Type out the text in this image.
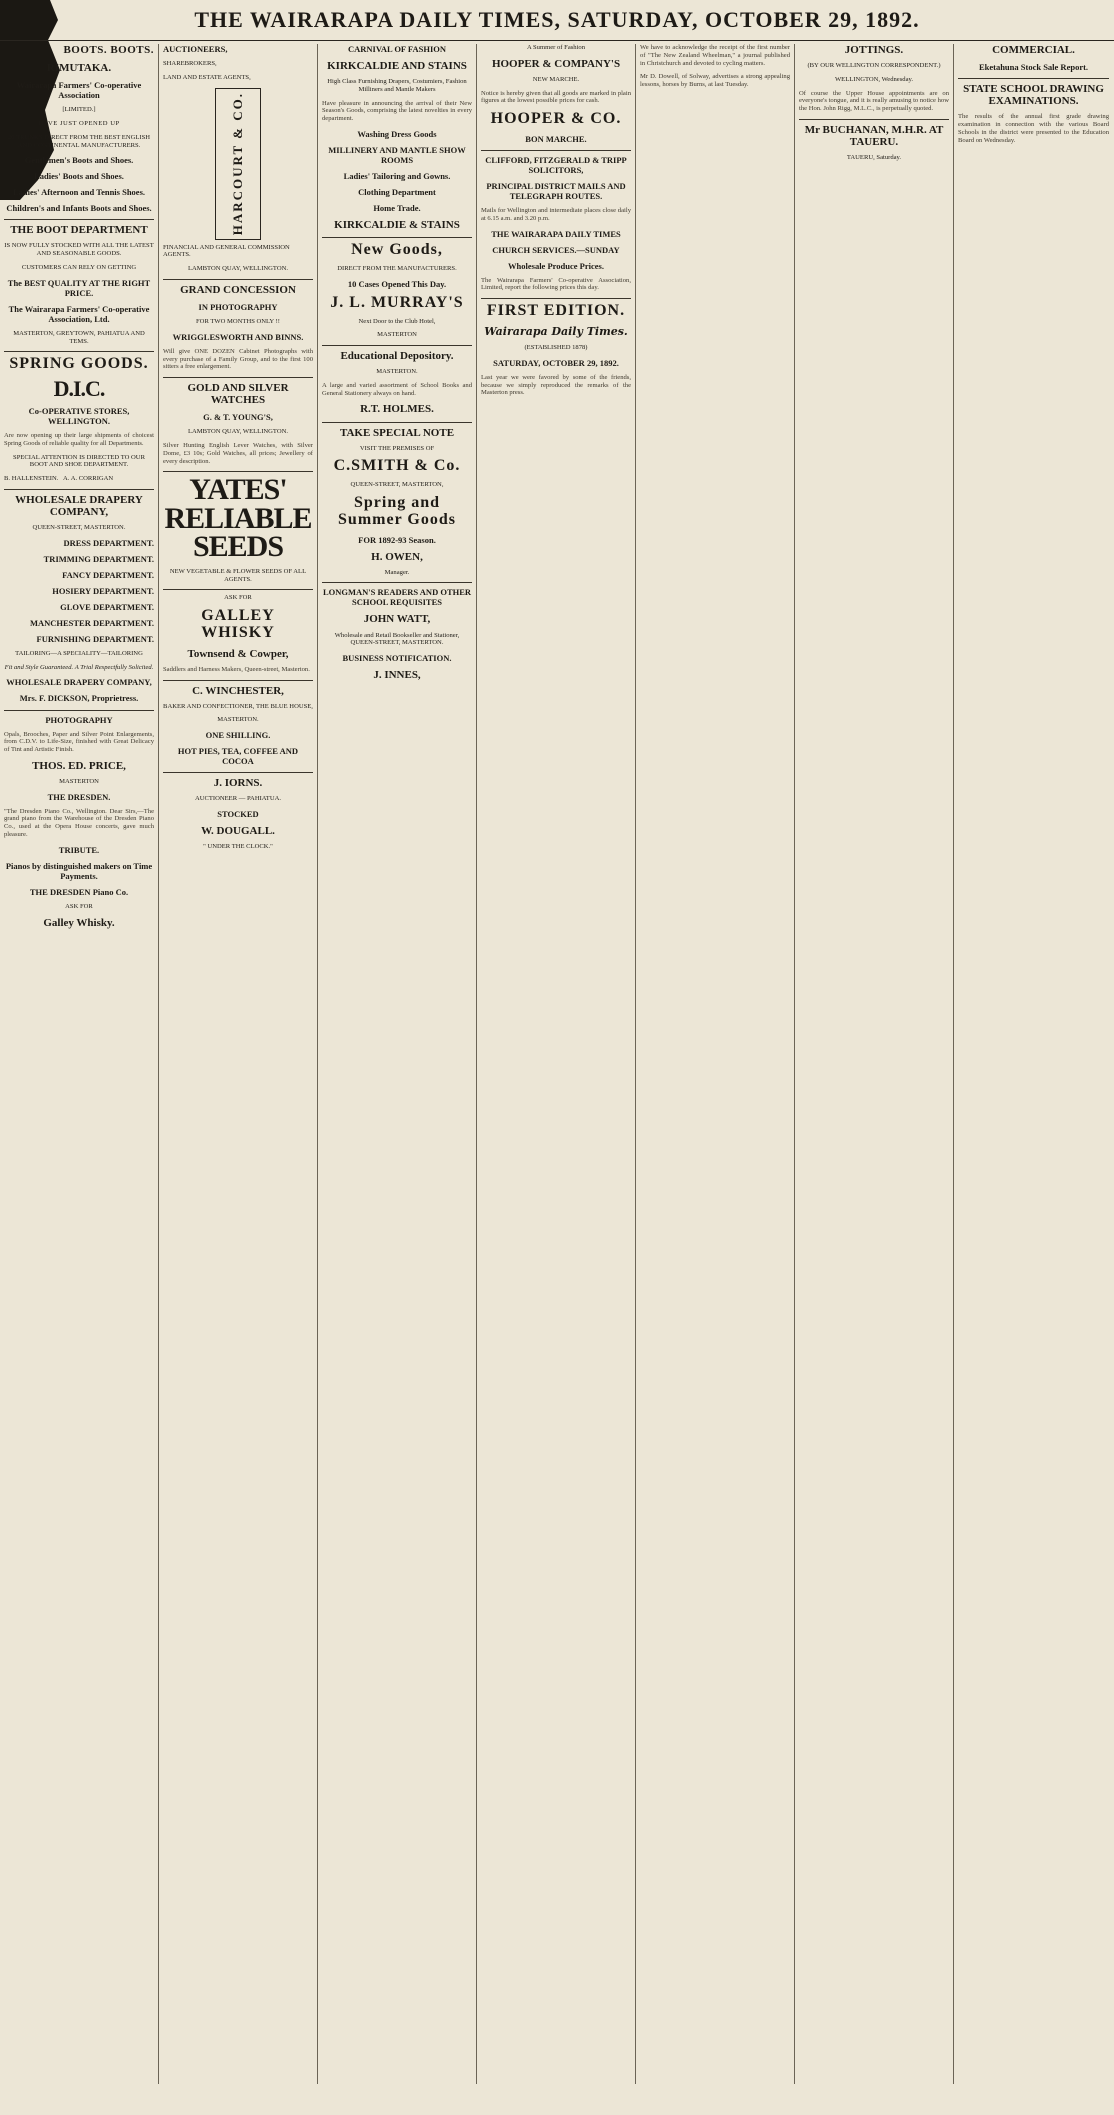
THE WAIRARAPA DAILY TIMES, SATURDAY, OCTOBER 29, 1892.
BOOTS. BOOTS.
RIMUTAKA.
Wairarapa Farmers' Co-operative Association
[LIMITED.]
HAVE JUST OPENED UP
20 TRUNKS DIRECT FROM THE BEST ENGLISH AND CONTINENTAL MANUFACTURERS.
Gentlemen's Boots and Shoes.
Ladies' Boots and Shoes.
Ladies' Afternoon and Tennis Shoes.
Children's and Infants Boots and Shoes.
THE BOOT DEPARTMENT
IS NOW FULLY STOCKED WITH ALL THE LATEST AND SEASONABLE GOODS.
CUSTOMERS CAN RELY ON GETTING
The BEST QUALITY AT THE RIGHT PRICE.
The Wairarapa Farmers' Co-operative Association, Ltd.
MASTERTON, GREYTOWN, PAHIATUA AND TEMS.
SPRING GOODS.
D.I.C.
Co-OPERATIVE STORES, WELLINGTON.
Are now opening up their large shipments of choicest Spring Goods of reliable quality for all Departments.
SPECIAL ATTENTION IS DIRECTED TO OUR BOOT AND SHOE DEPARTMENT.
B. HALLENSTEIN. A. A. CORRIGAN
WHOLESALE DRAPERY COMPANY,
QUEEN-STREET, MASTERTON.
DRESS DEPARTMENT.
TRIMMING DEPARTMENT.
FANCY DEPARTMENT.
HOSIERY DEPARTMENT.
GLOVE DEPARTMENT.
MANCHESTER DEPARTMENT.
FURNISHING DEPARTMENT.
TAILORING—A SPECIALITY—TAILORING
Fit and Style Guaranteed. A Trial Respectfully Solicited.
WHOLESALE DRAPERY COMPANY,
Mrs. F. DICKSON, Proprietress.
PHOTOGRAPHY
Opals, Brooches, Paper and Silver Point Enlargements, from C.D.V. to Life-Size, finished with Great Delicacy of Tint and Artistic Finish.
THOS. ED. PRICE,
MASTERTON
THE DRESDEN.
"The Dresden Piano Co., Wellington. Dear Sirs,—The grand piano from the Warehouse of the Dresden Piano Co., used at the Opera House concerts, gave much pleasure.
TRIBUTE.
Pianos by distinguished makers on Time Payments.
THE DRESDEN Piano Co.
ASK FOR
Galley Whisky.
AUCTIONEERS,
SHAREBROKERS,
LAND AND ESTATE AGENTS,
HARCOURT & CO.
FINANCIAL AND GENERAL COMMISSION AGENTS.
LAMBTON QUAY, WELLINGTON.
GRAND CONCESSION
IN PHOTOGRAPHY
FOR TWO MONTHS ONLY !!
WRIGGLESWORTH AND BINNS.
Will give ONE DOZEN Cabinet Photographs with every purchase of a Family Group, and to the first 100 sitters a free enlargement.
GOLD AND SILVER WATCHES
G. & T. YOUNG'S,
LAMBTON QUAY, WELLINGTON.
Silver Hunting English Lever Watches, with Silver Dome, £3 10s; Gold Watches, all prices; Jewellery of every description.
YATES' RELIABLE SEEDS
NEW VEGETABLE & FLOWER SEEDS OF ALL AGENTS.
ASK FOR
GALLEY WHISKY
Townsend & Cowper,
Saddlers and Harness Makers, Queen-street, Masterton.
C. WINCHESTER,
BAKER AND CONFECTIONER, THE BLUE HOUSE,
MASTERTON.
ONE SHILLING.
HOT PIES, TEA, COFFEE AND COCOA
J. IORNS.
AUCTIONEER — PAHIATUA.
STOCKED
W. DOUGALL.
" UNDER THE CLOCK."
CARNIVAL OF FASHION
KIRKCALDIE AND STAINS
High Class Furnishing Drapers, Costumiers, Fashion Milliners and Mantle Makers
Have pleasure in announcing the arrival of their New Season's Goods, comprising the latest novelties in every department.
Washing Dress Goods
MILLINERY AND MANTLE SHOW ROOMS
Ladies' Tailoring and Gowns.
Clothing Department
Home Trade.
KIRKCALDIE & STAINS
New Goods,
DIRECT FROM THE MANUFACTURERS.
10 Cases Opened This Day.
J. L. MURRAY'S
Next Door to the Club Hotel,
MASTERTON
Educational Depository.
MASTERTON.
A large and varied assortment of School Books and General Stationery always on hand.
R.T. HOLMES.
TAKE SPECIAL NOTE
VISIT THE PREMISES OF
C.SMITH & Co.
QUEEN-STREET, MASTERTON,
Spring and Summer Goods
FOR 1892-93 Season.
H. OWEN,
Manager.
LONGMAN'S READERS AND OTHER SCHOOL REQUISITES
JOHN WATT,
Wholesale and Retail Bookseller and Stationer, QUEEN-STREET, MASTERTON.
BUSINESS NOTIFICATION.
J. INNES,
A Summer of Fashion
HOOPER & COMPANY'S
NEW MARCHE.
Notice is hereby given that all goods are marked in plain figures at the lowest possible prices for cash.
HOOPER & CO.
BON MARCHE.
CLIFFORD, FITZGERALD & TRIPP SOLICITORS,
PRINCIPAL DISTRICT MAILS AND TELEGRAPH ROUTES.
Mails for Wellington and intermediate places close daily at 6.15 a.m. and 3.20 p.m.
THE WAIRARAPA DAILY TIMES
CHURCH SERVICES.—SUNDAY
Wholesale Produce Prices.
The Wairarapa Farmers' Co-operative Association, Limited, report the following prices this day.
FIRST EDITION.
Wairarapa Daily Times.
(ESTABLISHED 1878)
SATURDAY, OCTOBER 29, 1892.
Last year we were favored by some of the friends, because we simply reproduced the remarks of the Masterton press.
We have to acknowledge the receipt of the first number of "The New Zealand Wheelman," a journal published in Christchurch and devoted to cycling matters.
Mr D. Dowell, of Solway, advertises a strong appealing lessons, horses by Burns, at last Tuesday.
JOTTINGS.
(BY OUR WELLINGTON CORRESPONDENT.)
WELLINGTON, Wednesday.
Of course the Upper House appointments are on everyone's tongue, and it is really amusing to notice how the Hon. John Rigg, M.L.C., is perpetually quoted.
Mr BUCHANAN, M.H.R. AT TAUERU.
TAUERU, Saturday.
COMMERCIAL.
Eketahuna Stock Sale Report.
STATE SCHOOL DRAWING EXAMINATIONS.
The results of the annual first grade drawing examination in connection with the various Board Schools in the district were presented to the Education Board on Wednesday.
